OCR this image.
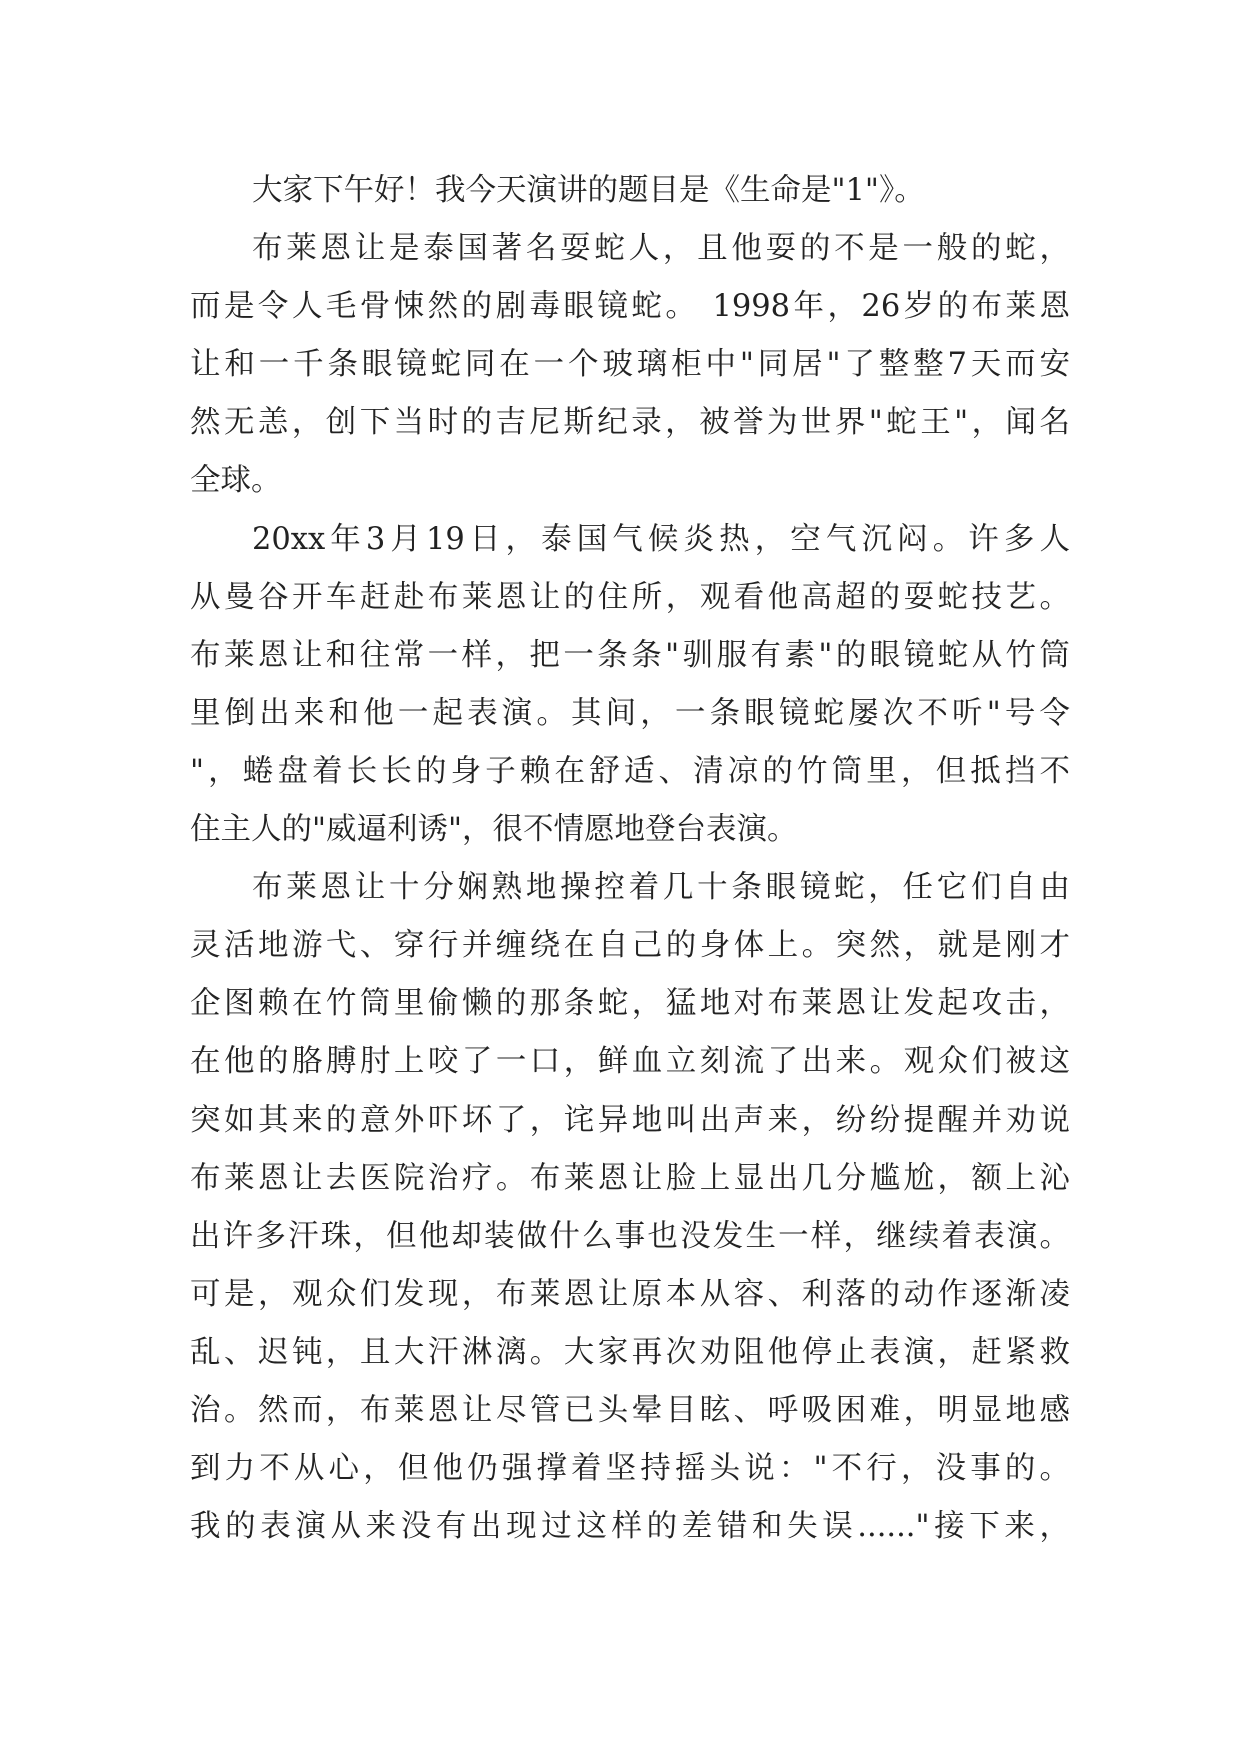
大家下午好！我今天演讲的题目是《生命是"1"》。
布莱恩让是泰国著名耍蛇人，且他耍的不是一般的蛇，
而是令人毛骨悚然的剧毒眼镜蛇。 1998年，26岁的布莱恩
让和一千条眼镜蛇同在一个玻璃柜中"同居"了整整7天而安
然无恙，创下当时的吉尼斯纪录，被誉为世界"蛇王"，闻名
全球。
20xx年3月19日，泰国气候炎热，空气沉闷。许多人
从曼谷开车赶赴布莱恩让的住所，观看他高超的耍蛇技艺。
布莱恩让和往常一样，把一条条"驯服有素"的眼镜蛇从竹筒
里倒出来和他一起表演。其间，一条眼镜蛇屡次不听"号令
"，蜷盘着长长的身子赖在舒适、清凉的竹筒里，但抵挡不
住主人的"威逼利诱"，很不情愿地登台表演。
布莱恩让十分娴熟地操控着几十条眼镜蛇，任它们自由
灵活地游弋、穿行并缠绕在自己的身体上。突然，就是刚才
企图赖在竹筒里偷懒的那条蛇，猛地对布莱恩让发起攻击，
在他的胳膊肘上咬了一口，鲜血立刻流了出来。观众们被这
突如其来的意外吓坏了，诧异地叫出声来，纷纷提醒并劝说
布莱恩让去医院治疗。布莱恩让脸上显出几分尴尬，额上沁
出许多汗珠，但他却装做什么事也没发生一样，继续着表演。
可是，观众们发现，布莱恩让原本从容、利落的动作逐渐凌
乱、迟钝，且大汗淋漓。大家再次劝阻他停止表演，赶紧救
治。然而，布莱恩让尽管已头晕目眩、呼吸困难，明显地感
到力不从心，但他仍强撑着坚持摇头说："不行，没事的。
我的表演从来没有出现过这样的差错和失误......"接下来，
